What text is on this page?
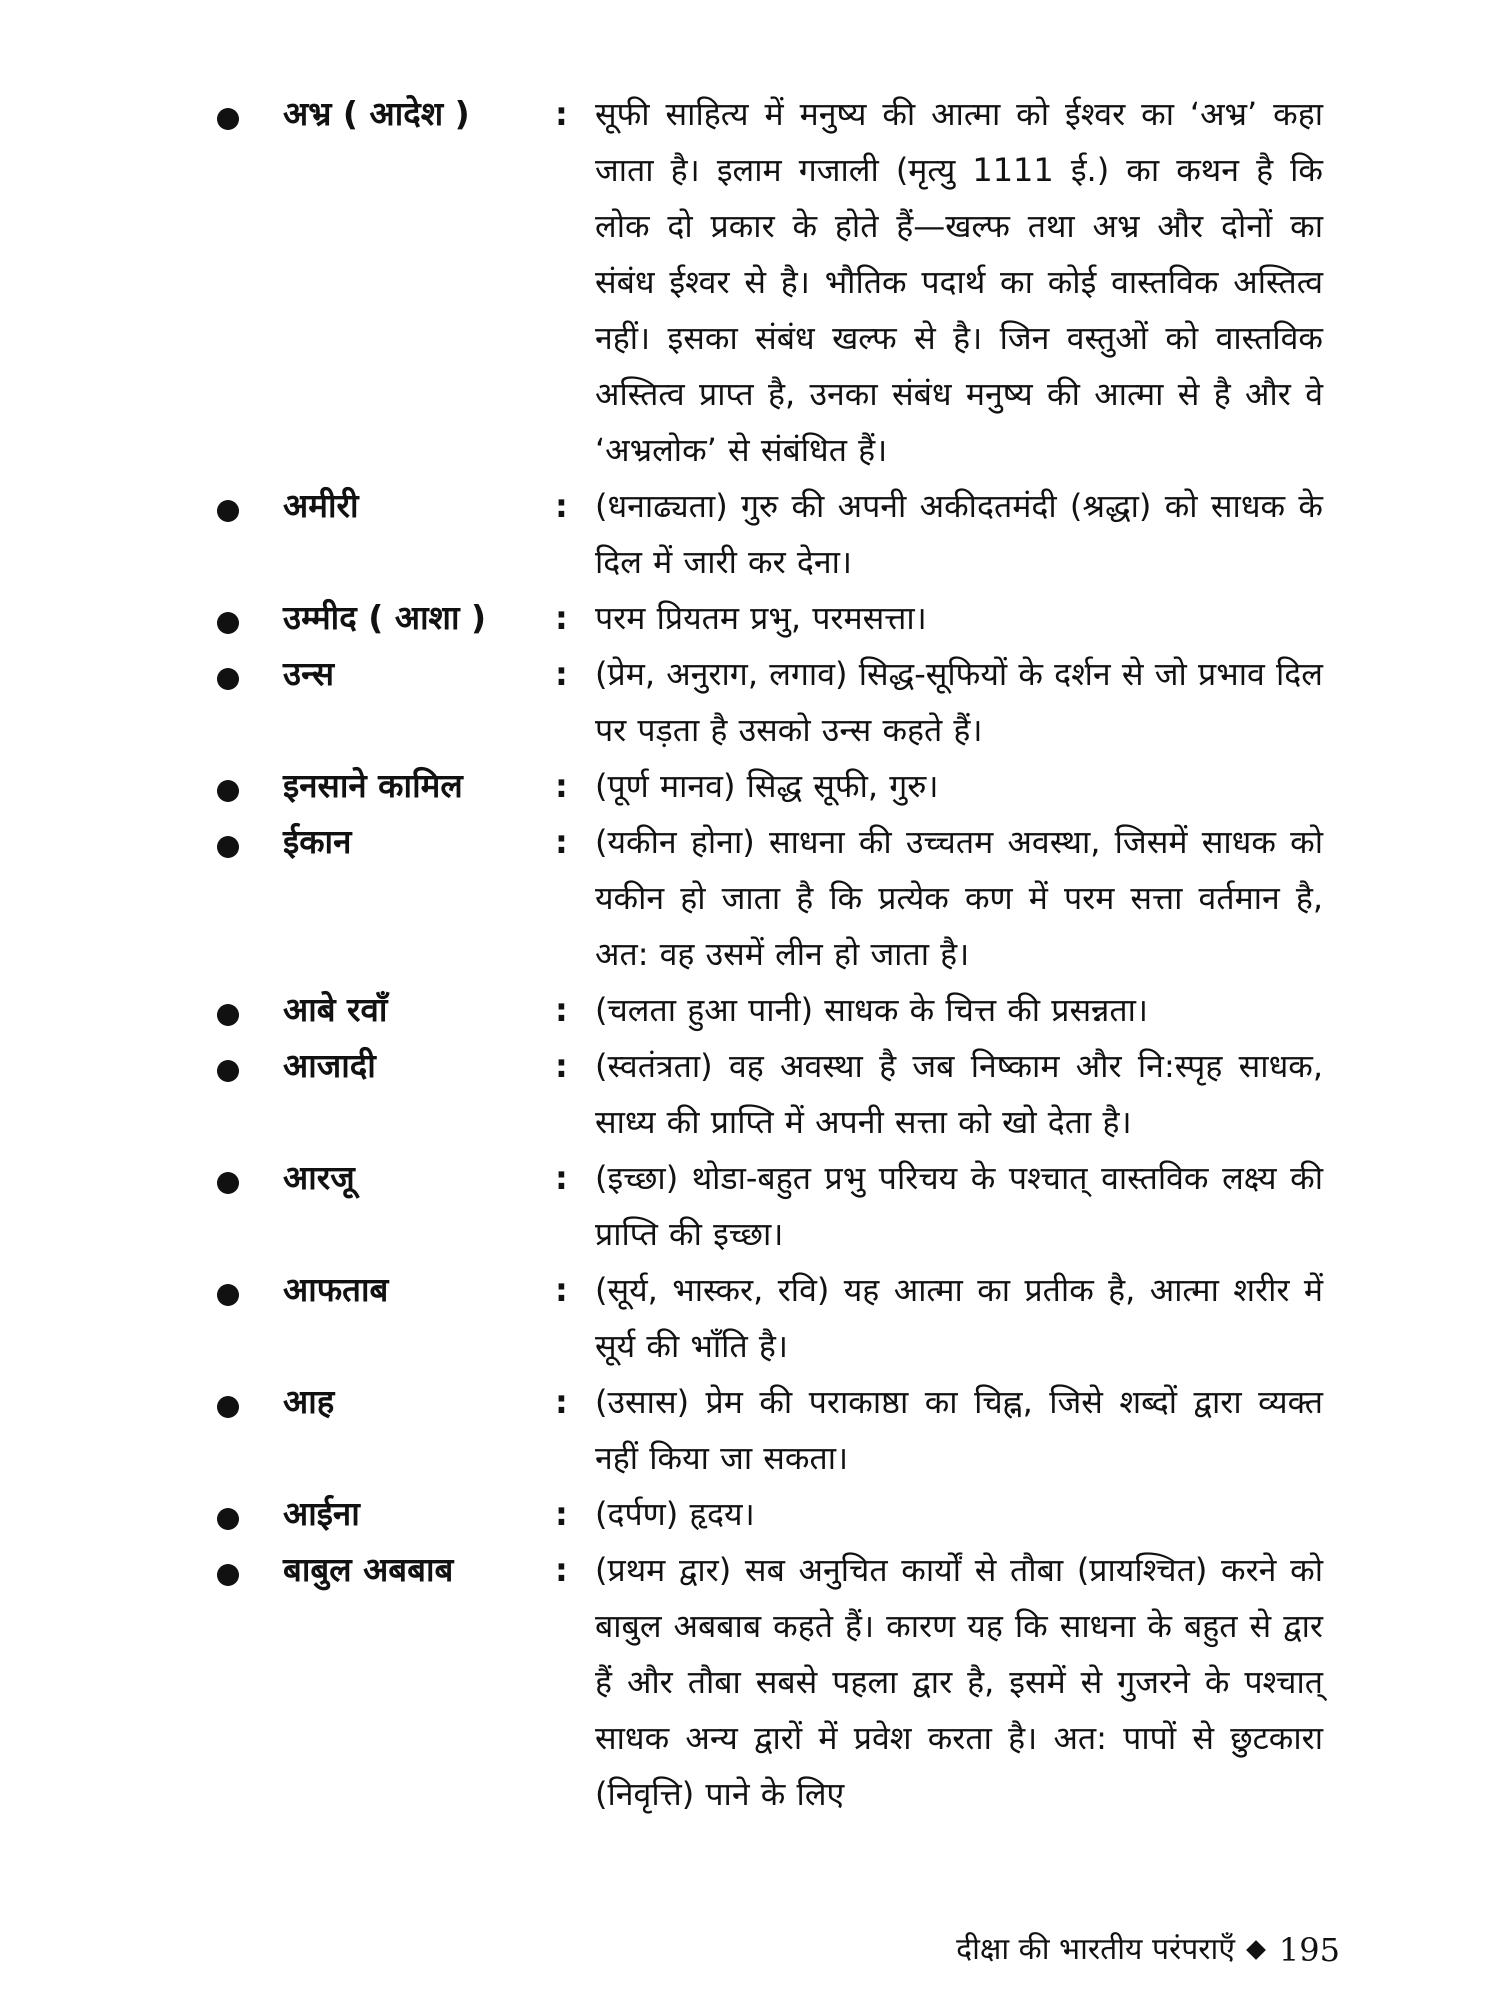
अभ्र ( आदेश )	: सूफी साहित्य में मनुष्य की आत्मा को ईश्वर का ‘अभ्र’ कहा जाता है। इलाम गजाली (मृत्यु 1111 ई.) का कथन है कि लोक दो प्रकार के होते हैं—खल्फ तथा अभ्र और दोनों का संबंध ईश्वर से है। भौतिक पदार्थ का कोई वास्तविक अस्तित्व नहीं। इसका संबंध खल्फ से है। जिन वस्तुओं को वास्तविक अस्तित्व प्राप्त है, उनका संबंध मनुष्य की आत्मा से है और वे ‘अभ्रलोक’ से संबंधित हैं।
अमीरी	: (धनाढ्यता) गुरु की अपनी अकीदतमंदी (श्रद्धा) को साधक के दिल में जारी कर देना।
उम्मीद ( आशा )	: परम प्रियतम प्रभु, परमसत्ता।
उन्स	: (प्रेम, अनुराग, लगाव) सिद्ध-सूफियों के दर्शन से जो प्रभाव दिल पर पड़ता है उसको उन्स कहते हैं।
इनसाने कामिल	: (पूर्ण मानव) सिद्ध सूफी, गुरु।
ईकान	: (यकीन होना) साधना की उच्चतम अवस्था, जिसमें साधक को यकीन हो जाता है कि प्रत्येक कण में परम सत्ता वर्तमान है, अत: वह उसमें लीन हो जाता है।
आबे रवाँ	: (चलता हुआ पानी) साधक के चित्त की प्रसन्नता।
आजादी	: (स्वतंत्रता) वह अवस्था है जब निष्काम और नि:स्पृह साधक, साध्य की प्राप्ति में अपनी सत्ता को खो देता है।
आरजू	: (इच्छा) थोडा-बहुत प्रभु परिचय के पश्चात् वास्तविक लक्ष्य की प्राप्ति की इच्छा।
आफताब	: (सूर्य, भास्कर, रवि) यह आत्मा का प्रतीक है, आत्मा शरीर में सूर्य की भाँति है।
आह	: (उसास) प्रेम की पराकाष्ठा का चिह्न, जिसे शब्दों द्वारा व्यक्त नहीं किया जा सकता।
आईना	: (दर्पण) हृदय।
बाबुल अबबाब	: (प्रथम द्वार) सब अनुचित कार्यों से तौबा (प्रायश्चित) करने को बाबुल अबबाब कहते हैं। कारण यह कि साधना के बहुत से द्वार हैं और तौबा सबसे पहला द्वार है, इसमें से गुजरने के पश्चात् साधक अन्य द्वारों में प्रवेश करता है। अत: पापों से छुटकारा (निवृत्ति) पाने के लिए
दीक्षा की भारतीय परंपराएँ 195
